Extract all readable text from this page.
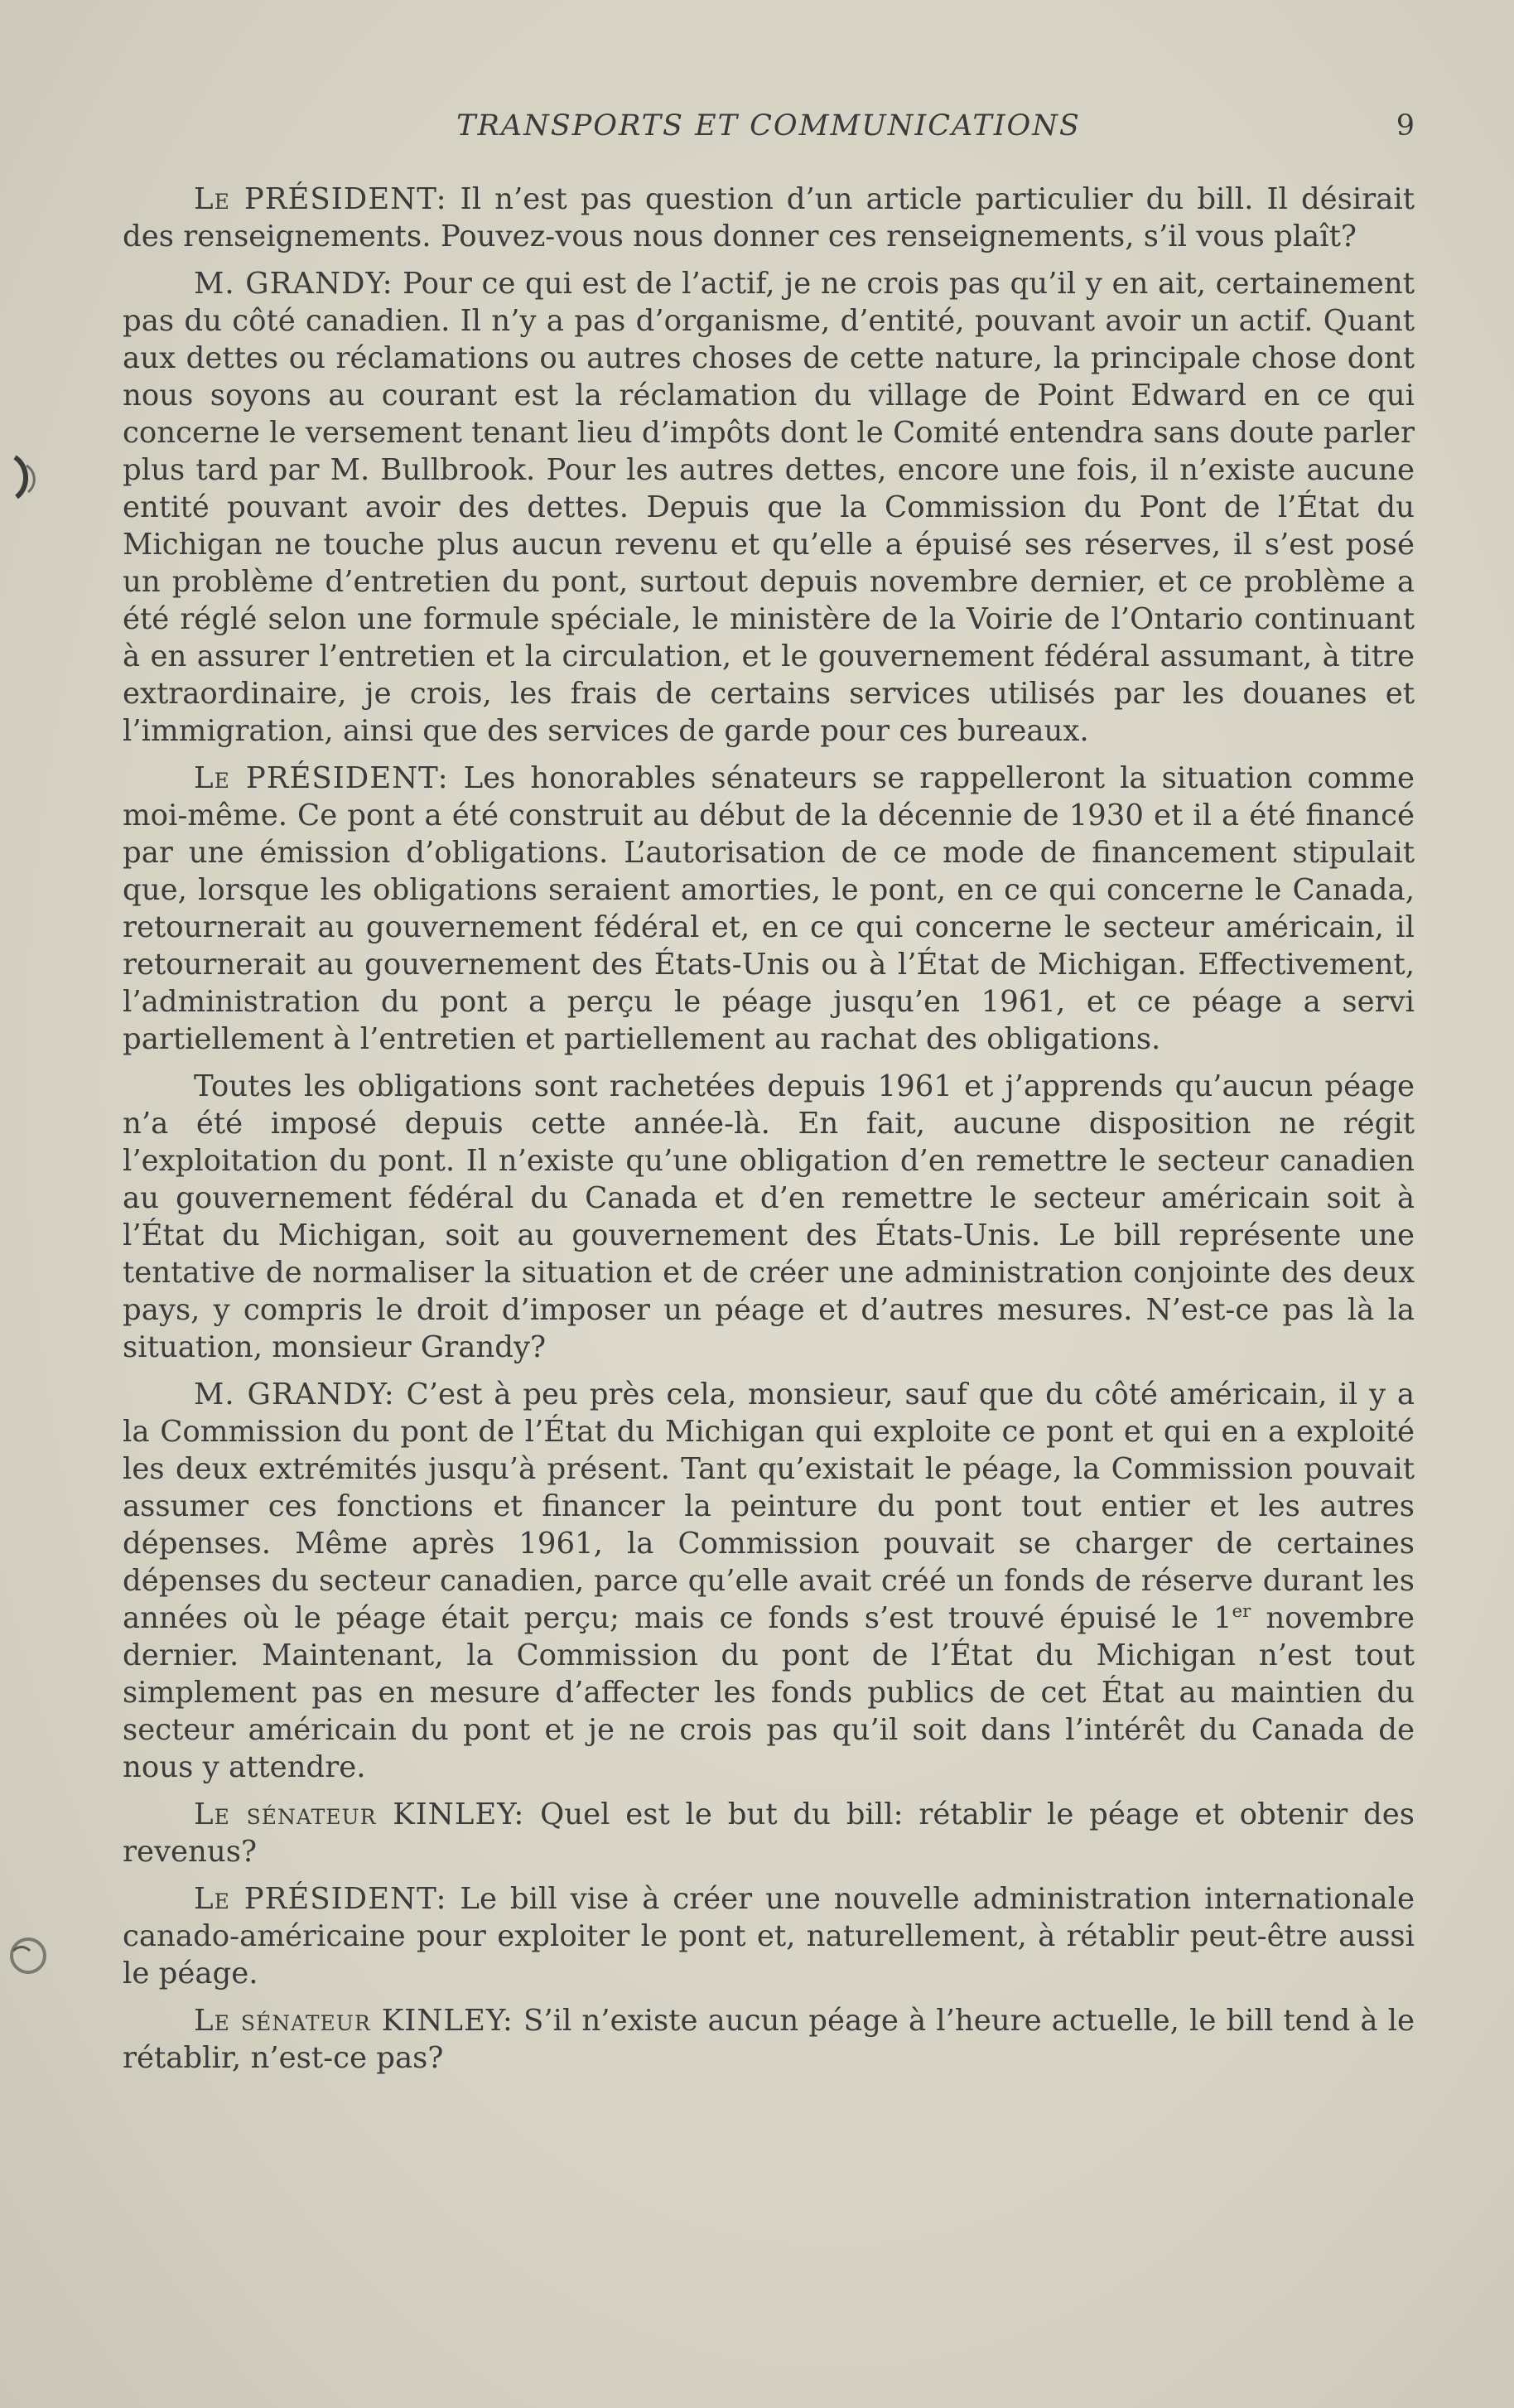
TRANSPORTS ET COMMUNICATIONS	9

Le PRÉSIDENT: Il n’est pas question d’un article particulier du bill. Il désirait des renseignements. Pouvez-vous nous donner ces renseignements, s’il vous plaît?

M. GRANDY: Pour ce qui est de l’actif, je ne crois pas qu’il y en ait, certainement pas du côté canadien. Il n’y a pas d’organisme, d’entité, pouvant avoir un actif. Quant aux dettes ou réclamations ou autres choses de cette nature, la principale chose dont nous soyons au courant est la réclamation du village de Point Edward en ce qui concerne le versement tenant lieu d’impôts dont le Comité entendra sans doute parler plus tard par M. Bullbrook. Pour les autres dettes, encore une fois, il n’existe aucune entité pouvant avoir des dettes. Depuis que la Commission du Pont de l’État du Michigan ne touche plus aucun revenu et qu’elle a épuisé ses réserves, il s’est posé un problème d’entretien du pont, surtout depuis novembre dernier, et ce problème a été réglé selon une formule spéciale, le ministère de la Voirie de l’Ontario continuant à en assurer l’entretien et la circulation, et le gouvernement fédéral assumant, à titre extraordinaire, je crois, les frais de certains services utilisés par les douanes et l’immigration, ainsi que des services de garde pour ces bureaux.

Le PRÉSIDENT: Les honorables sénateurs se rappelleront la situation comme moi-même. Ce pont a été construit au début de la décennie de 1930 et il a été financé par une émission d’obligations. L’autorisation de ce mode de financement stipulait que, lorsque les obligations seraient amorties, le pont, en ce qui concerne le Canada, retournerait au gouvernement fédéral et, en ce qui concerne le secteur américain, il retournerait au gouvernement des États-Unis ou à l’État de Michigan. Effectivement, l’administration du pont a perçu le péage jusqu’en 1961, et ce péage a servi partiellement à l’entretien et partiellement au rachat des obligations.

Toutes les obligations sont rachetées depuis 1961 et j’apprends qu’aucun péage n’a été imposé depuis cette année-là. En fait, aucune disposition ne régit l’exploitation du pont. Il n’existe qu’une obligation d’en remettre le secteur canadien au gouvernement fédéral du Canada et d’en remettre le secteur américain soit à l’État du Michigan, soit au gouvernement des États-Unis. Le bill représente une tentative de normaliser la situation et de créer une administration conjointe des deux pays, y compris le droit d’imposer un péage et d’autres mesures. N’est-ce pas là la situation, monsieur Grandy?

M. GRANDY: C’est à peu près cela, monsieur, sauf que du côté américain, il y a la Commission du pont de l’État du Michigan qui exploite ce pont et qui en a exploité les deux extrémités jusqu’à présent. Tant qu’existait le péage, la Commission pouvait assumer ces fonctions et financer la peinture du pont tout entier et les autres dépenses. Même après 1961, la Commission pouvait se charger de certaines dépenses du secteur canadien, parce qu’elle avait créé un fonds de réserve durant les années où le péage était perçu; mais ce fonds s’est trouvé épuisé le 1er novembre dernier. Maintenant, la Commission du pont de l’État du Michigan n’est tout simplement pas en mesure d’affecter les fonds publics de cet État au maintien du secteur américain du pont et je ne crois pas qu’il soit dans l’intérêt du Canada de nous y attendre.

Le sénateur KINLEY: Quel est le but du bill: rétablir le péage et obtenir des revenus?

Le PRÉSIDENT: Le bill vise à créer une nouvelle administration internationale canado-américaine pour exploiter le pont et, naturellement, à rétablir peut-être aussi le péage.

Le sénateur KINLEY: S’il n’existe aucun péage à l’heure actuelle, le bill tend à le rétablir, n’est-ce pas?
